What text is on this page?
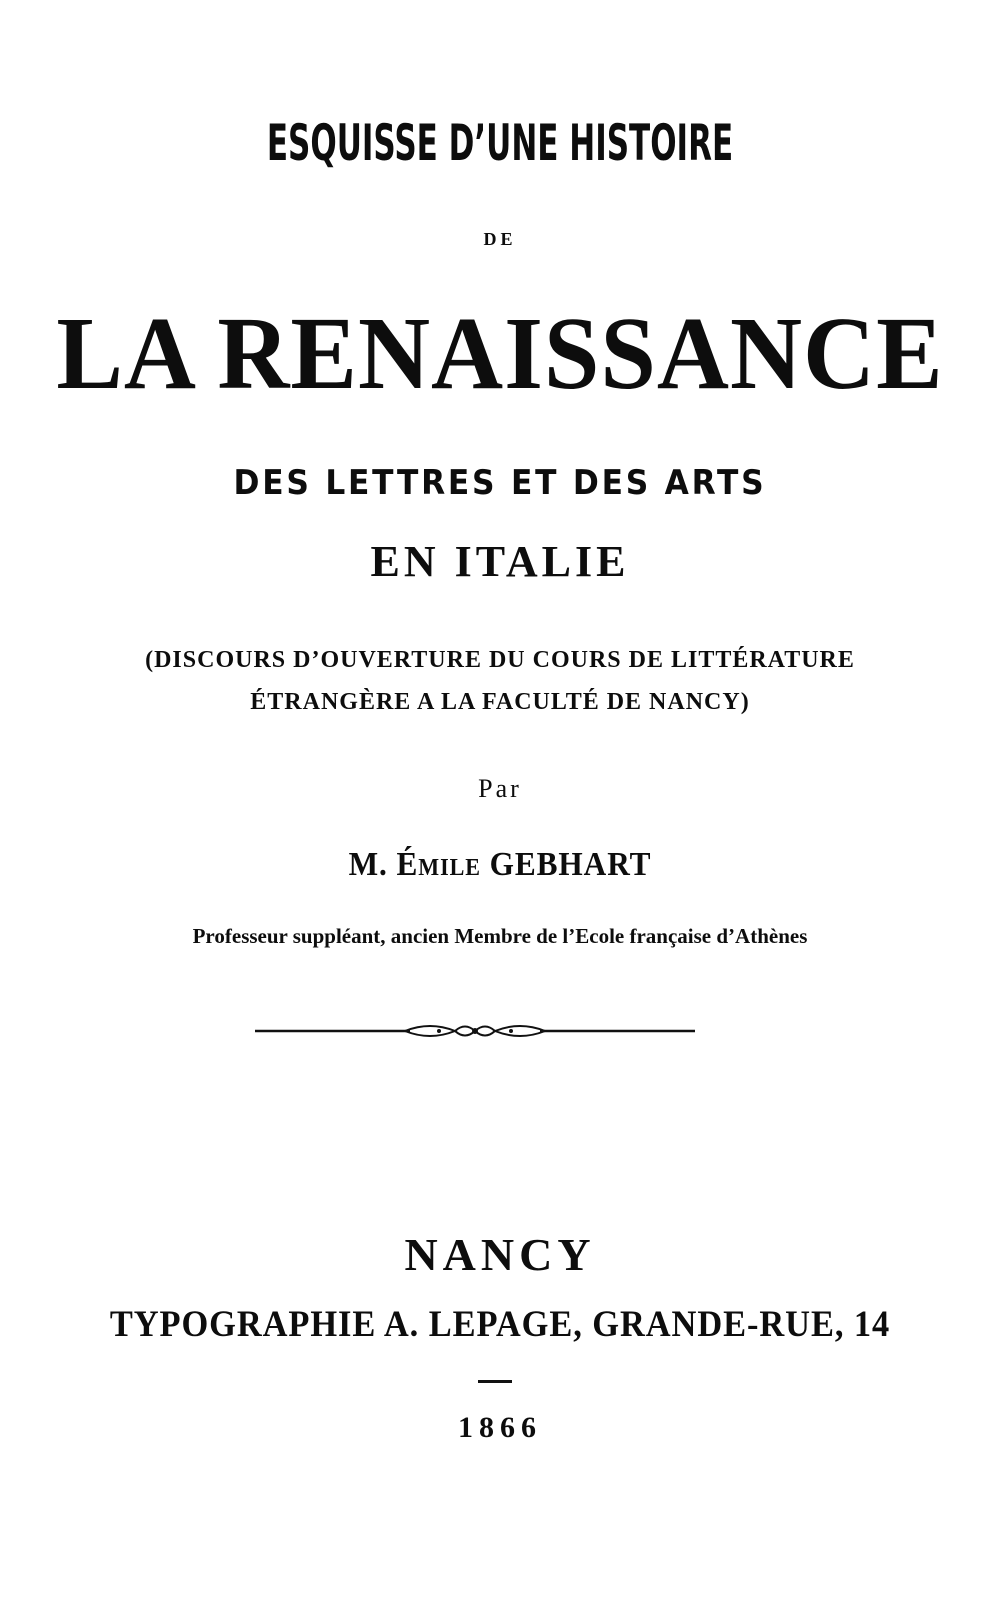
ESQUISSE D’UNE HISTOIRE
DE
LA RENAISSANCE
DES LETTRES ET DES ARTS
EN ITALIE
(DISCOURS D’OUVERTURE DU COURS DE LITTÉRATURE
ÉTRANGÈRE A LA FACULTÉ DE NANCY)
Par
M. Émile GEBHART
Professeur suppléant, ancien Membre de l’Ecole française d’Athènes
NANCY
TYPOGRAPHIE A. LEPAGE, GRANDE-RUE, 14
1866
